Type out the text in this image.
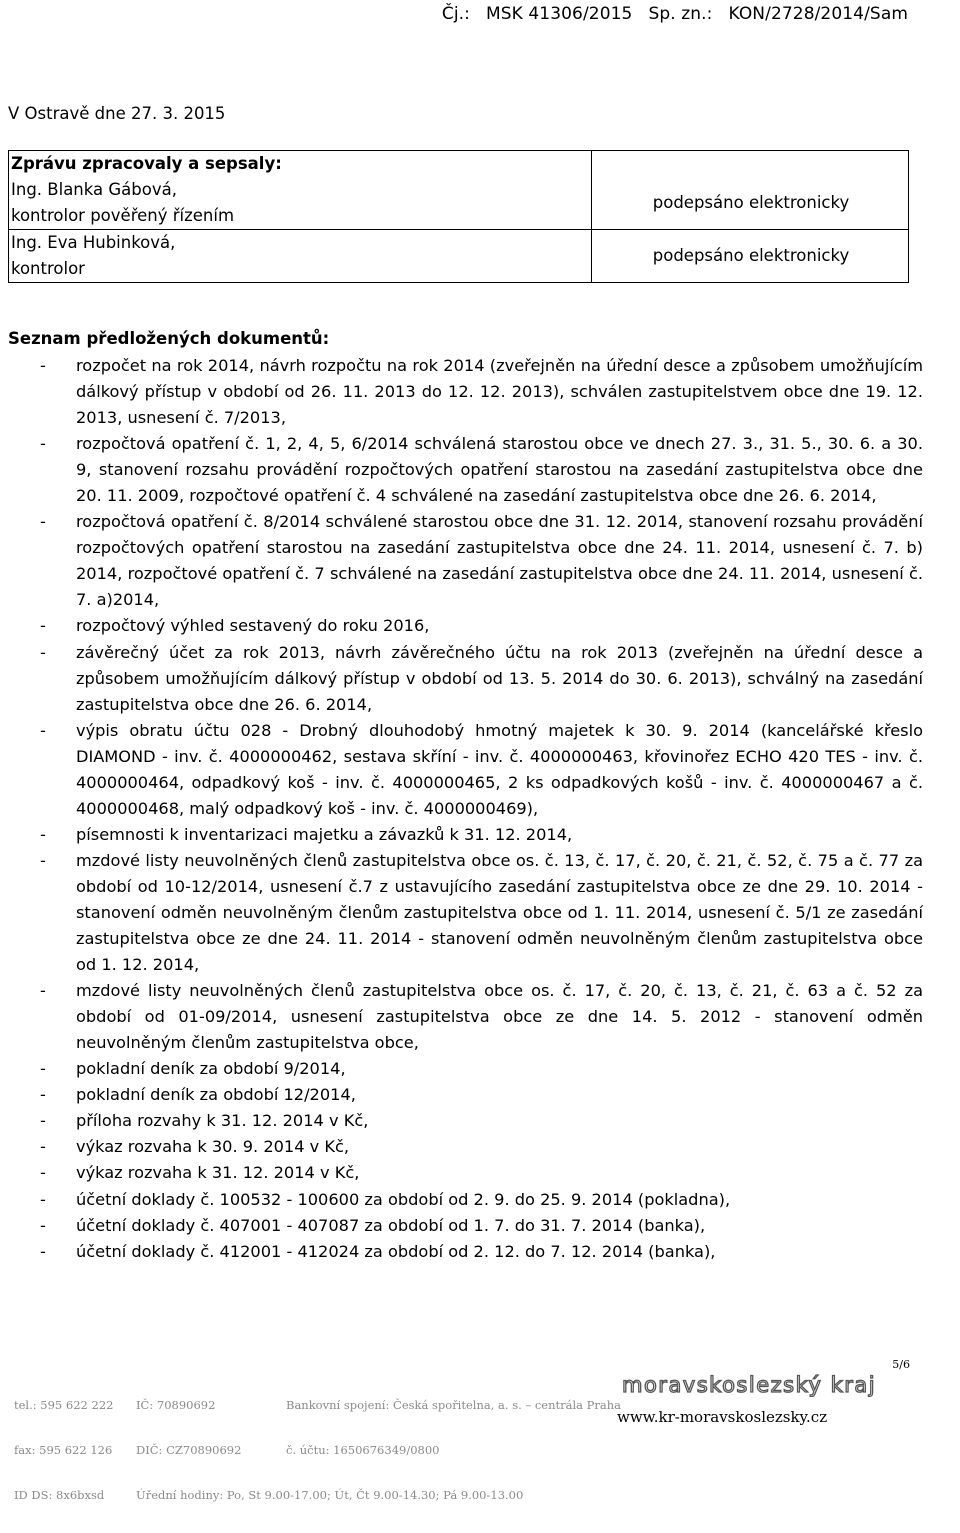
Čj.: MSK 41306/2015 Sp. zn.: KON/2728/2014/Sam
V Ostravě dne 27. 3. 2015
Zprávu zpracovaly a sepsaly:
Ing. Blanka Gábová,
kontrolor pověřený řízením	podepsáno elektronicky

Ing. Eva Hubinková,
kontrolor	podepsáno elektronicky
Seznam předložených dokumentů:
- rozpočet na rok 2014, návrh rozpočtu na rok 2014 (zveřejněn na úřední desce a způsobem umožňujícím dálkový přístup v období od 26. 11. 2013 do 12. 12. 2013), schválen zastupitelstvem obce dne 19. 12. 2013, usnesení č. 7/2013,
- rozpočtová opatření č. 1, 2, 4, 5, 6/2014 schválená starostou obce ve dnech 27. 3., 31. 5., 30. 6. a 30. 9, stanovení rozsahu provádění rozpočtových opatření starostou na zasedání zastupitelstva obce dne 20. 11. 2009, rozpočtové opatření č. 4 schválené na zasedání zastupitelstva obce dne 26. 6. 2014,
- rozpočtová opatření č. 8/2014 schválené starostou obce dne 31. 12. 2014, stanovení rozsahu provádění rozpočtových opatření starostou na zasedání zastupitelstva obce dne 24. 11. 2014, usnesení č. 7. b) 2014, rozpočtové opatření č. 7 schválené na zasedání zastupitelstva obce dne 24. 11. 2014, usnesení č. 7. a)2014,
- rozpočtový výhled sestavený do roku 2016,
- závěrečný účet za rok 2013, návrh závěrečného účtu na rok 2013 (zveřejněn na úřední desce a způsobem umožňujícím dálkový přístup v období od 13. 5. 2014 do 30. 6. 2013), schválný na zasedání zastupitelstva obce dne 26. 6. 2014,
- výpis obratu účtu 028 - Drobný dlouhodobý hmotný majetek k 30. 9. 2014 (kancelářské křeslo DIAMOND - inv. č. 4000000462, sestava skříní - inv. č. 4000000463, křovinořez ECHO 420 TES - inv. č. 4000000464, odpadkový koš - inv. č. 4000000465, 2 ks odpadkových košů - inv. č. 4000000467 a č. 4000000468, malý odpadkový koš - inv. č. 4000000469),
- písemnosti k inventarizaci majetku a závazků k 31. 12. 2014,
- mzdové listy neuvolněných členů zastupitelstva obce os. č. 13, č. 17, č. 20, č. 21, č. 52, č. 75 a č. 77 za období od 10-12/2014, usnesení č.7 z ustavujícího zasedání zastupitelstva obce ze dne 29. 10. 2014 - stanovení odměn neuvolněným členům zastupitelstva obce od 1. 11. 2014, usnesení č. 5/1 ze zasedání zastupitelstva obce ze dne 24. 11. 2014 - stanovení odměn neuvolněným členům zastupitelstva obce od 1. 12. 2014,
- mzdové listy neuvolněných členů zastupitelstva obce os. č. 17, č. 20, č. 13, č. 21, č. 63 a č. 52 za období od 01-09/2014, usnesení zastupitelstva obce ze dne 14. 5. 2012 - stanovení odměn neuvolněným členům zastupitelstva obce,
- pokladní deník za období 9/2014,
- pokladní deník za období 12/2014,
- příloha rozvahy k 31. 12. 2014 v Kč,
- výkaz rozvaha k 30. 9. 2014 v Kč,
- výkaz rozvaha k 31. 12. 2014 v Kč,
- účetní doklady č. 100532 - 100600 za období od 2. 9. do 25. 9. 2014 (pokladna),
- účetní doklady č. 407001 - 407087 za období od 1. 7. do 31. 7. 2014 (banka),
- účetní doklady č. 412001 - 412024 za období od 2. 12. do 7. 12. 2014 (banka),
5/6

tel.: 595 622 222

fax: 595 622 126

ID DS: 8x6bxsd

IČ: 70890692

DIČ: CZ70890692

Úřední hodiny: Po, St 9.00-17.00; Út, Čt 9.00-14.30; Pá 9.00-13.00

Bankovní spojení: Česká spořitelna, a. s. – centrála Praha

č. účtu: 1650676349/0800

moravskoslezský kraj
www.kr-moravskoslezsky.cz
